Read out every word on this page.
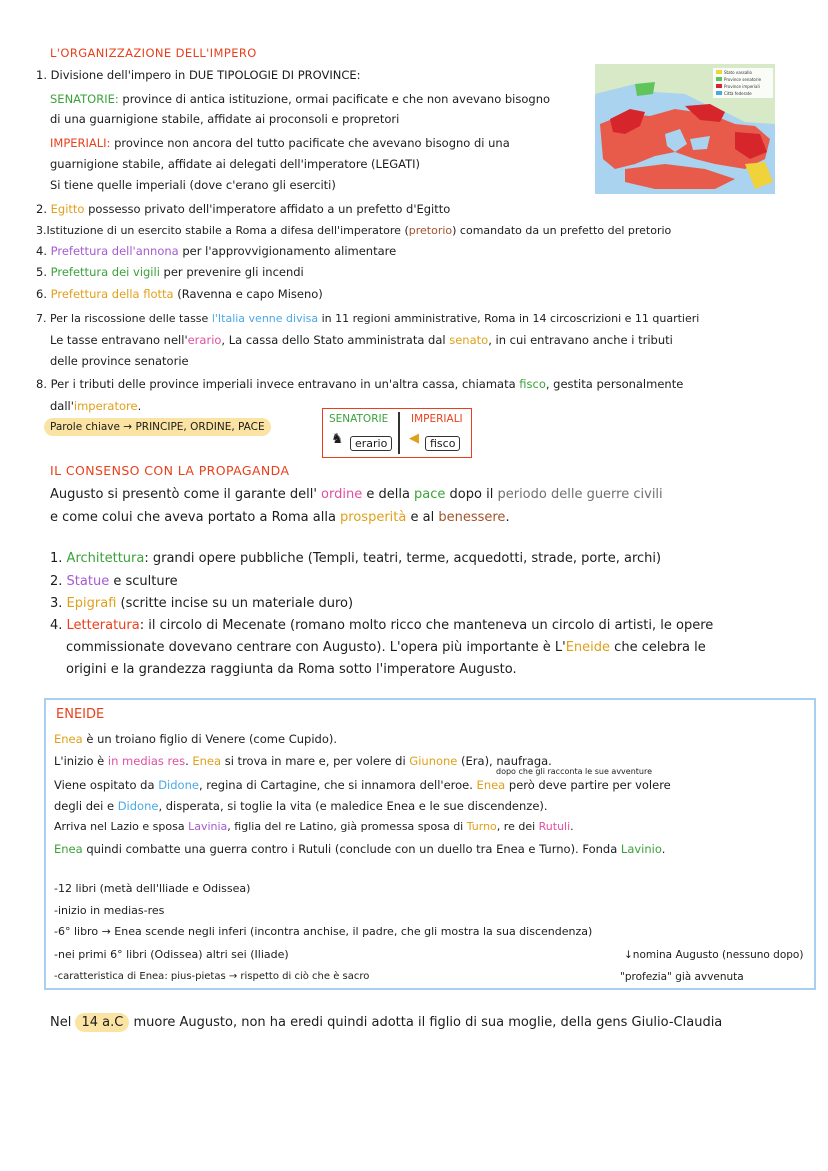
L'ORGANIZZAZIONE DELL'IMPERO
1. Divisione dell'impero in DUE TIPOLOGIE DI PROVINCE:
SENATORIE: province di antica istituzione, ormai pacificate e che non avevano bisogno
di una guarnigione stabile, affidate ai proconsoli e propretori
IMPERIALI: province non ancora del tutto pacificate che avevano bisogno di una
guarnigione stabile, affidate ai delegati dell'imperatore (LEGATI)
Si tiene quelle imperiali (dove c'erano gli eserciti)
Stato vassallo
Province senatorie
Province imperiali
Città federate
2. Egitto possesso privato dell'imperatore affidato a un prefetto d'Egitto
3.Istituzione di un esercito stabile a Roma a difesa dell'imperatore (pretorio) comandato da un prefetto del pretorio
4. Prefettura dell'annona per l'approvvigionamento alimentare
5. Prefettura dei vigili per prevenire gli incendi
6. Prefettura della flotta (Ravenna e capo Miseno)
7. Per la riscossione delle tasse l'Italia venne divisa in 11 regioni amministrative, Roma in 14 circoscrizioni e 11 quartieri
Le tasse entravano nell'erario, La cassa dello Stato amministrata dal senato, in cui entravano anche i tributi
delle province senatorie
8. Per i tributi delle province imperiali invece entravano in un'altra cassa, chiamata fisco, gestita personalmente
dall'imperatore.
Parole chiave → PRINCIPE, ORDINE, PACE
SENATORIE IMPERIALI
♞	erario	◀	fisco
IL CONSENSO CON LA PROPAGANDA
Augusto si presentò come il garante dell' ordine e della pace dopo il periodo delle guerre civili
e come colui che aveva portato a Roma alla prosperità e al benessere.
1. Architettura: grandi opere pubbliche (Templi, teatri, terme, acquedotti, strade, porte, archi)
2. Statue e sculture
3. Epigrafi (scritte incise su un materiale duro)
4. Letteratura: il circolo di Mecenate (romano molto ricco che manteneva un circolo di artisti, le opere
commissionate dovevano centrare con Augusto). L'opera più importante è L'Eneide che celebra le
origini e la grandezza raggiunta da Roma sotto l'imperatore Augusto.
ENEIDE
Enea è un troiano figlio di Venere (come Cupido).
L'inizio è in medias res. Enea si trova in mare e, per volere di Giunone (Era), naufraga.
dopo che gli racconta le sue avventure
Viene ospitato da Didone, regina di Cartagine, che si innamora dell'eroe. Enea però deve partire per volere
degli dei e Didone, disperata, si toglie la vita (e maledice Enea e le sue discendenze).
Arriva nel Lazio e sposa Lavinia, figlia del re Latino, già promessa sposa di Turno, re dei Rutuli.
Enea quindi combatte una guerra contro i Rutuli (conclude con un duello tra Enea e Turno). Fonda Lavinio.
-12 libri (metà dell'Iliade e Odissea)
-inizio in medias-res
-6° libro → Enea scende negli inferi (incontra anchise, il padre, che gli mostra la sua discendenza)
-nei primi 6° libri (Odissea) altri sei (Iliade)
-caratteristica di Enea: pius-pietas → rispetto di ciò che è sacro
↓nomina Augusto (nessuno dopo)
"profezia" già avvenuta
Nel 14 a.C muore Augusto, non ha eredi quindi adotta il figlio di sua moglie, della gens Giulio-Claudia
